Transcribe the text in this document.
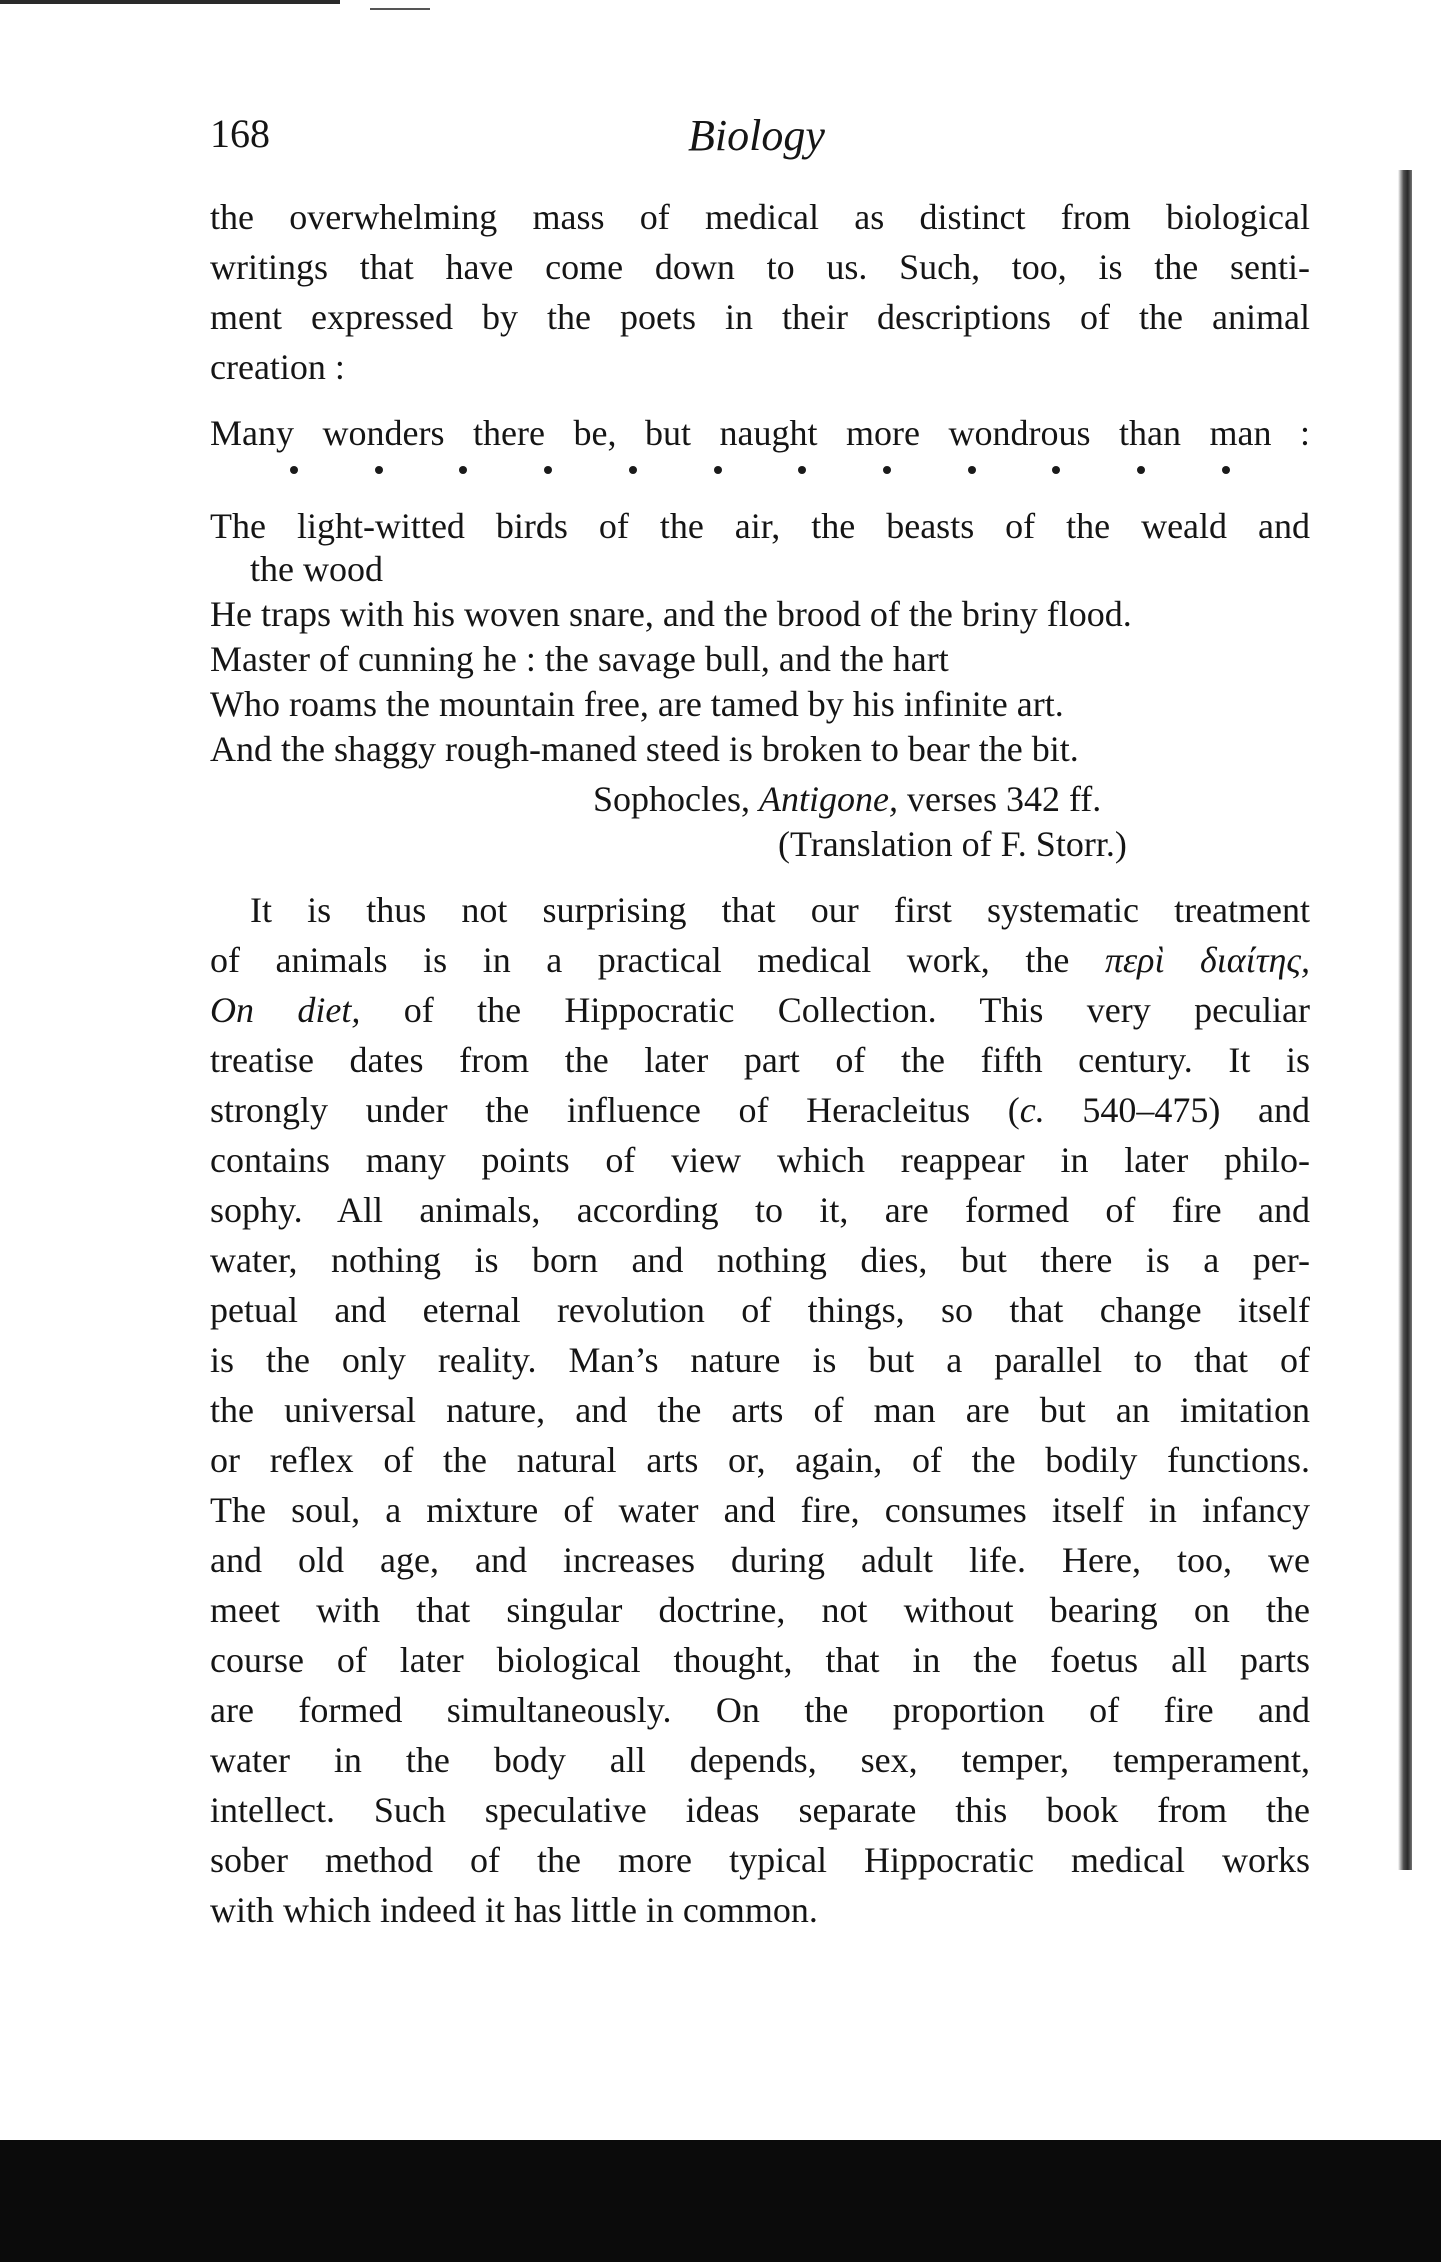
168	Biology
the overwhelming mass of medical as distinct from biological
writings that have come down to us. Such, too, is the senti-
ment expressed by the poets in their descriptions of the animal
creation :
Many wonders there be, but naught more wondrous than man :
The light-witted birds of the air, the beasts of the weald and
the wood
He traps with his woven snare, and the brood of the briny flood.
Master of cunning he : the savage bull, and the hart
Who roams the mountain free, are tamed by his infinite art.
And the shaggy rough-maned steed is broken to bear the bit.
Sophocles, Antigone, verses 342 ff.
(Translation of F. Storr.)
It is thus not surprising that our first systematic treatment
of animals is in a practical medical work, the περὶ διαίτης,
On diet, of the Hippocratic Collection. This very peculiar
treatise dates from the later part of the fifth century. It is
strongly under the influence of Heracleitus (c. 540–475) and
contains many points of view which reappear in later philo-
sophy. All animals, according to it, are formed of fire and
water, nothing is born and nothing dies, but there is a per-
petual and eternal revolution of things, so that change itself
is the only reality. Man’s nature is but a parallel to that of
the universal nature, and the arts of man are but an imitation
or reflex of the natural arts or, again, of the bodily functions.
The soul, a mixture of water and fire, consumes itself in infancy
and old age, and increases during adult life. Here, too, we
meet with that singular doctrine, not without bearing on the
course of later biological thought, that in the foetus all parts
are formed simultaneously. On the proportion of fire and
water in the body all depends, sex, temper, temperament,
intellect. Such speculative ideas separate this book from the
sober method of the more typical Hippocratic medical works
with which indeed it has little in common.
